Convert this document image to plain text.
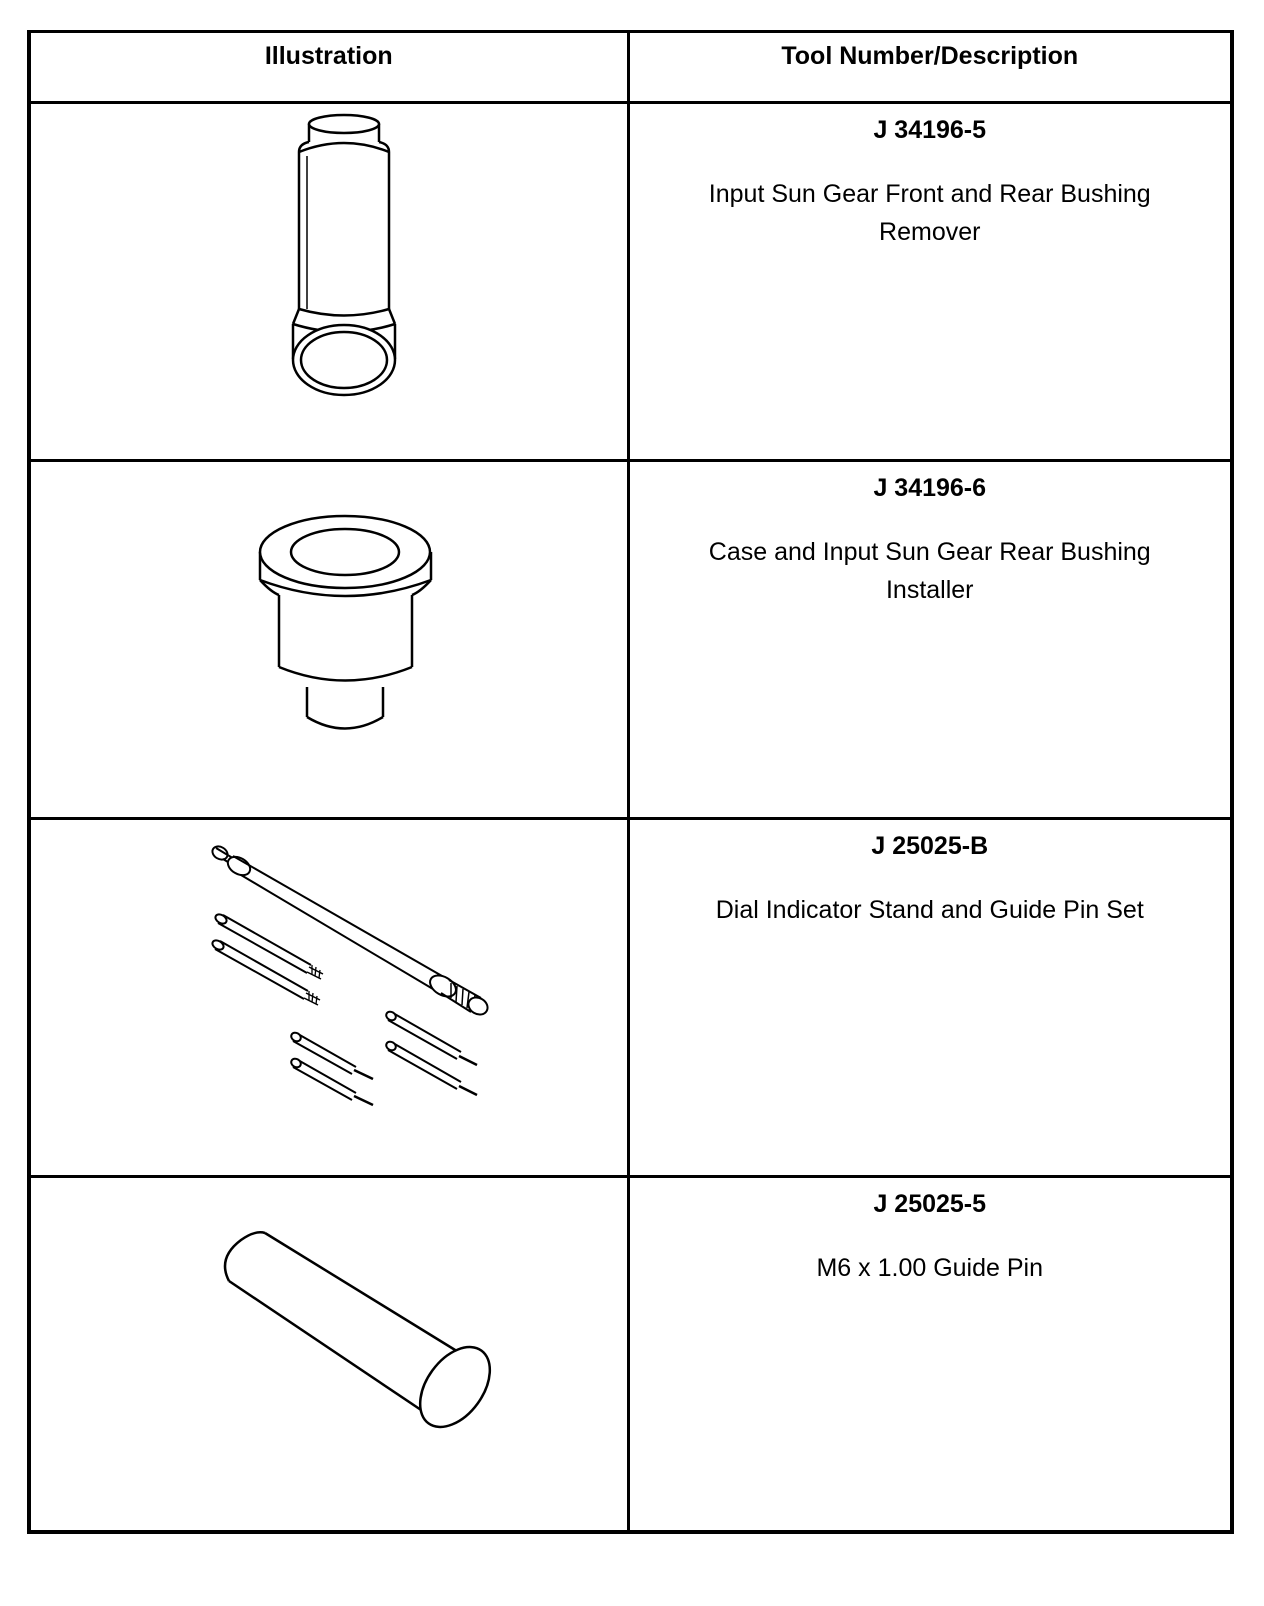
Illustration	Tool Number/Description

J 34196-5
Input Sun Gear Front and Rear Bushing Remover

J 34196-6
Case and Input Sun Gear Rear Bushing Installer

J 25025-B
Dial Indicator Stand and Guide Pin Set

J 25025-5
M6 x 1.00 Guide Pin
